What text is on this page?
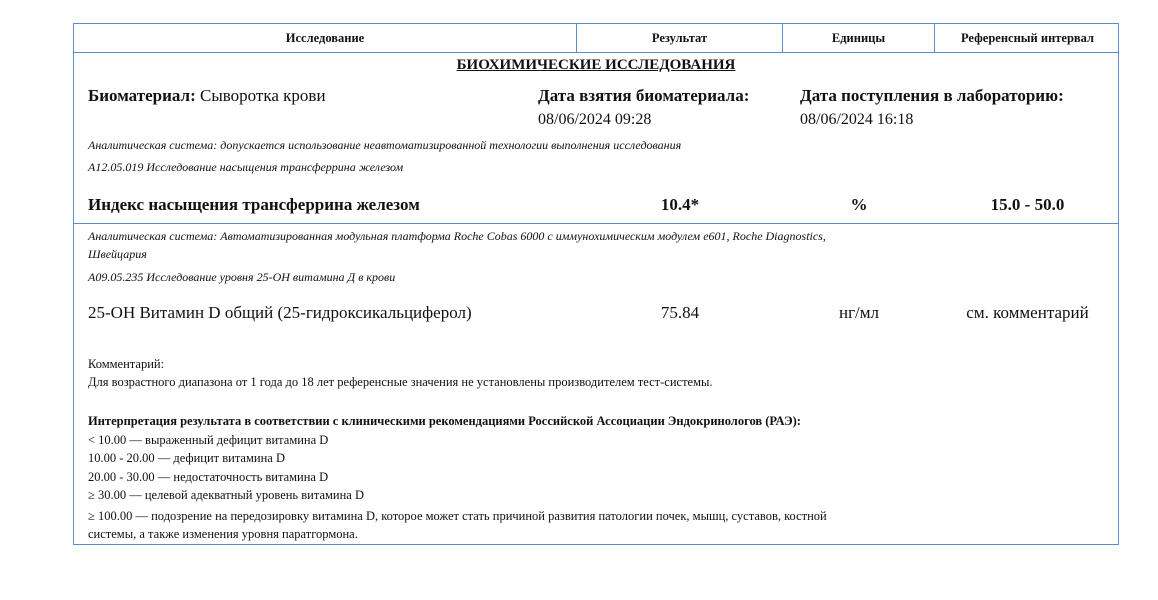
Исследование	Результат	Единицы	Референсный интервал
БИОХИМИЧЕСКИЕ ИССЛЕДОВАНИЯ
Биоматериал: Сыворотка крови	Дата взятия биоматериала:
08/06/2024 09:28
Дата поступления в лабораторию:
08/06/2024 16:18
Аналитическая система: допускается использование неавтоматизированной технологии выполнения исследования
A12.05.019 Исследование насыщения трансферрина железом
Индекс насыщения трансферрина железом	10.4*	%	15.0 - 50.0
Аналитическая система: Автоматизированная модульная платформа Roche Cobas 6000 с иммунохимическим модулем e601, Roche Diagnostics,
Швейцария
A09.05.235 Исследование уровня 25-ОН витамина Д в крови
25-OH Витамин D общий (25-гидроксикальциферол)	75.84	нг/мл	см. комментарий
Комментарий:
Для возрастного диапазона от 1 года до 18 лет референсные значения не установлены производителем тест-системы.
Интерпретация результата в соответствии с клиническими рекомендациями Российской Ассоциации Эндокринологов (РАЭ):
< 10.00 — выраженный дефицит витамина D
10.00 - 20.00 — дефицит витамина D
20.00 - 30.00 — недостаточность витамина D
≥ 30.00 — целевой адекватный уровень витамина D
≥ 100.00 — подозрение на передозировку витамина D, которое может стать причиной развития патологии почек, мышц, суставов, костной
системы, а также изменения уровня паратгормона.
